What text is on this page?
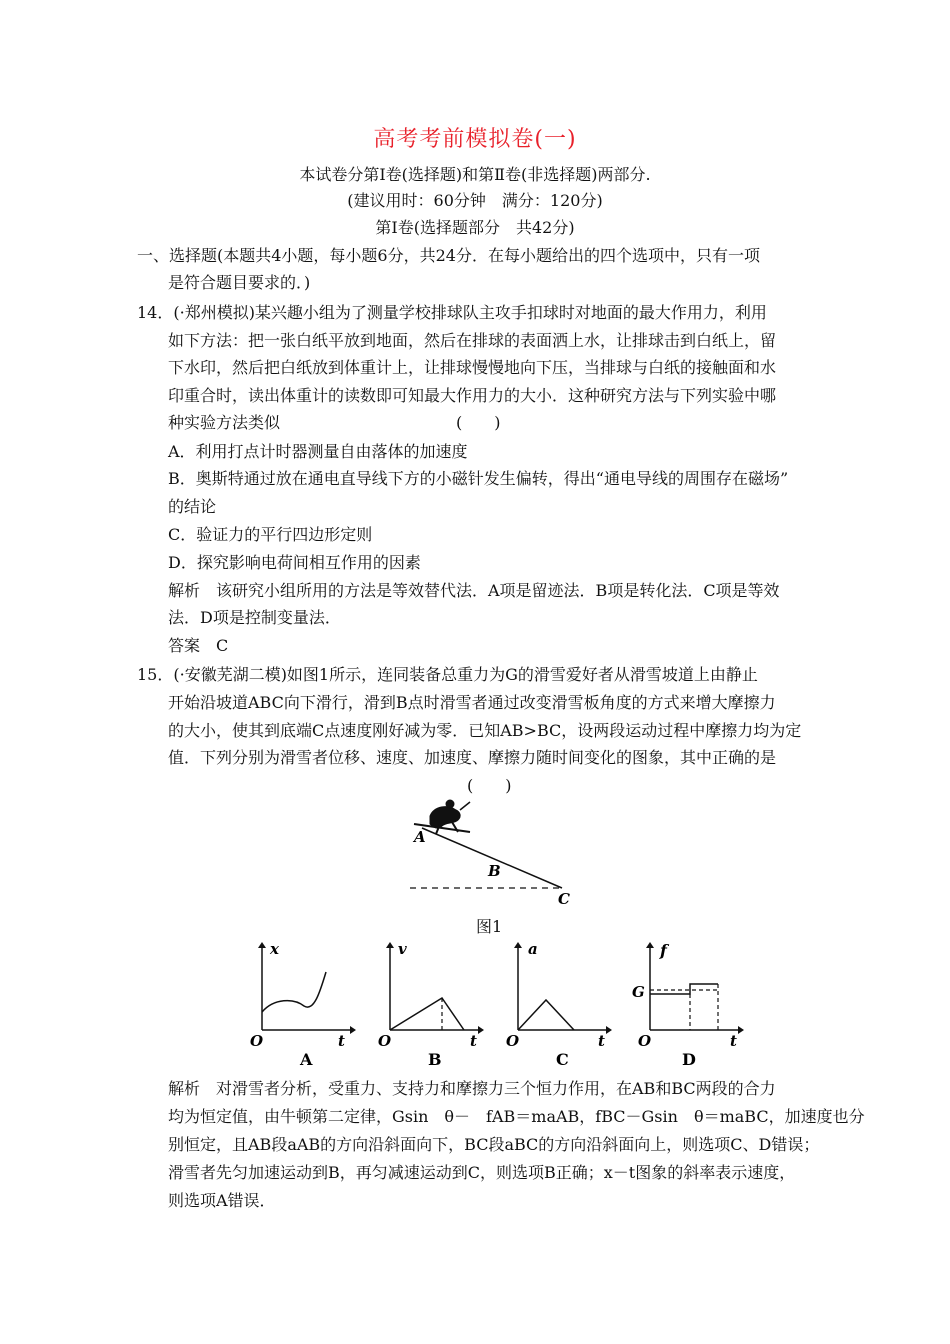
高考考前模拟卷(一)
本试卷分第Ⅰ卷(选择题)和第Ⅱ卷(非选择题)两部分.
(建议用时：60分钟　满分：120分)
第Ⅰ卷(选择题部分　共42分)
一、选择题(本题共4小题，每小题6分，共24分．在每小题给出的四个选项中，只有一项
是符合题目要求的．)
14．(·郑州模拟)某兴趣小组为了测量学校排球队主攻手扣球时对地面的最大作用力，利用
如下方法：把一张白纸平放到地面，然后在排球的表面洒上水，让排球击到白纸上，留
下水印，然后把白纸放到体重计上，让排球慢慢地向下压，当排球与白纸的接触面和水
印重合时，读出体重计的读数即可知最大作用力的大小．这种研究方法与下列实验中哪
种实验方法类似　　　　　　　　　　　(　　)
A．利用打点计时器测量自由落体的加速度
B．奥斯特通过放在通电直导线下方的小磁针发生偏转，得出“通电导线的周围存在磁场”
的结论
C．验证力的平行四边形定则
D．探究影响电荷间相互作用的因素
解析　该研究小组所用的方法是等效替代法．A项是留迹法．B项是转化法．C项是等效
法．D项是控制变量法．
答案　C
15．(·安徽芜湖二模)如图1所示，连同装备总重力为G的滑雪爱好者从滑雪坡道上由静止
开始沿坡道ABC向下滑行，滑到B点时滑雪者通过改变滑雪板角度的方式来增大摩擦力
的大小，使其到底端C点速度刚好减为零．已知AB>BC，设两段运动过程中摩擦力均为定
值．下列分别为滑雪者位移、速度、加速度、摩擦力随时间变化的图象，其中正确的是
(　　)
A
B
C
图1
x
O	t
A
v
O	t
B
a
O	t
C
f
G
O	t
D
解析　对滑雪者分析，受重力、支持力和摩擦力三个恒力作用，在AB和BC两段的合力
均为恒定值，由牛顿第二定律，Gsin　θ－　fAB＝maAB，fBC－Gsin　θ＝maBC，加速度也分
别恒定，且AB段aAB的方向沿斜面向下，BC段aBC的方向沿斜面向上，则选项C、D错误；
滑雪者先匀加速运动到B，再匀减速运动到C，则选项B正确；x－t图象的斜率表示速度，
则选项A错误．
